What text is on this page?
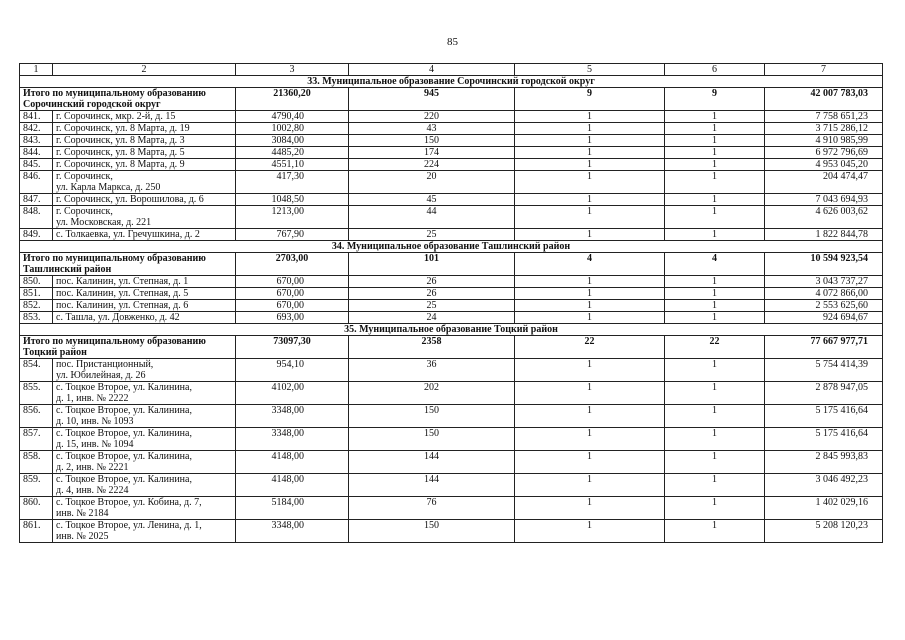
85
1	2	3	4	5	6	7
33. Муниципальное образование Сорочинский городской округ						

Итого по муниципальному образованию
Сорочинский городской округ		21360,20	945	9	9	42 007 783,03
841.	г. Сорочинск, мкр. 2-й, д. 15	4790,40	220	1	1	7 758 651,23
842.	г. Сорочинск, ул. 8 Марта, д. 19	1002,80	43	1	1	3 715 286,12
843.	г. Сорочинск, ул. 8 Марта, д. 3	3084,00	150	1	1	4 910 985,99
844.	г. Сорочинск, ул. 8 Марта, д. 5	4485,20	174	1	1	6 972 796,69
845.	г. Сорочинск, ул. 8 Марта, д. 9	4551,10	224	1	1	4 953 045,20
846.	г. Сорочинск,
ул. Карла Маркса, д. 250	417,30	20	1	1	204 474,47
847.	г. Сорочинск, ул. Ворошилова, д. 6	1048,50	45	1	1	7 043 694,93
848.	г. Сорочинск,
ул. Московская, д. 221	1213,00	44	1	1	4 626 003,62
849.	с. Толкаевка, ул. Гречушкина, д. 2	767,90	25	1	1	1 822 844,78
34. Муниципальное образование Ташлинский район						

Итого по муниципальному образованию
Ташлинский район		2703,00	101	4	4	10 594 923,54
850.	пос. Калинин, ул. Степная, д. 1	670,00	26	1	1	3 043 737,27
851.	пос. Калинин, ул. Степная, д. 5	670,00	26	1	1	4 072 866,00
852.	пос. Калинин, ул. Степная, д. 6	670,00	25	1	1	2 553 625,60
853.	с. Ташла, ул. Довженко, д. 42	693,00	24	1	1	924 694,67
35. Муниципальное образование Тоцкий район						

Итого по муниципальному образованию
Тоцкий район		73097,30	2358	22	22	77 667 977,71
854.	пос. Пристанционный,
ул. Юбилейная, д. 26	954,10	36	1	1	5 754 414,39
855.	с. Тоцкое Второе, ул. Калинина,
д. 1, инв. № 2222	4102,00	202	1	1	2 878 947,05
856.	с. Тоцкое Второе, ул. Калинина,
д. 10, инв. № 1093	3348,00	150	1	1	5 175 416,64
857.	с. Тоцкое Второе, ул. Калинина,
д. 15, инв. № 1094	3348,00	150	1	1	5 175 416,64
858.	с. Тоцкое Второе, ул. Калинина,
д. 2, инв. № 2221	4148,00	144	1	1	2 845 993,83
859.	с. Тоцкое Второе, ул. Калинина,
д. 4, инв. № 2224	4148,00	144	1	1	3 046 492,23
860.	с. Тоцкое Второе, ул. Кобина, д. 7,
инв. № 2184	5184,00	76	1	1	1 402 029,16
861.	с. Тоцкое Второе, ул. Ленина, д. 1,
инв. № 2025	3348,00	150	1	1	5 208 120,23
